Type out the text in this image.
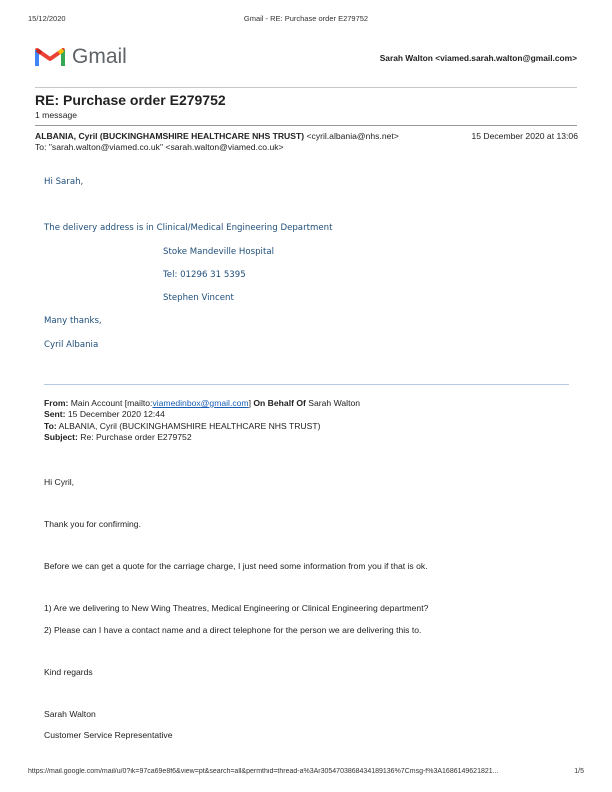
15/12/2020	Gmail - RE: Purchase order E279752
Gmail	Sarah Walton <viamed.sarah.walton@gmail.com>
RE: Purchase order E279752
1 message
ALBANIA, Cyril (BUCKINGHAMSHIRE HEALTHCARE NHS TRUST) <cyril.albania@nhs.net>	15 December 2020 at 13:06
To: "sarah.walton@viamed.co.uk" <sarah.walton@viamed.co.uk>
Hi Sarah,
The delivery address is in Clinical/Medical Engineering Department
Stoke Mandeville Hospital
Tel: 01296 31 5395
Stephen Vincent
Many thanks,
Cyril Albania
From: Main Account [mailto:viamedinbox@gmail.com] On Behalf Of Sarah Walton
Sent: 15 December 2020 12:44
To: ALBANIA, Cyril (BUCKINGHAMSHIRE HEALTHCARE NHS TRUST)
Subject: Re: Purchase order E279752
Hi Cyril,
Thank you for confirming.
Before we can get a quote for the carriage charge, I just need some information from you if that is ok.
1) Are we delivering to New Wing Theatres, Medical Engineering or Clinical Engineering department?
2) Please can I have a contact name and a direct telephone for the person we are delivering this to.
Kind regards
Sarah Walton
Customer Service Representative
https://mail.google.com/mail/u/0?ik=97ca69e8f6&view=pt&search=all&permthid=thread-a%3Ar3054703868434189136%7Cmsg-f%3A1686149621821...	1/5
